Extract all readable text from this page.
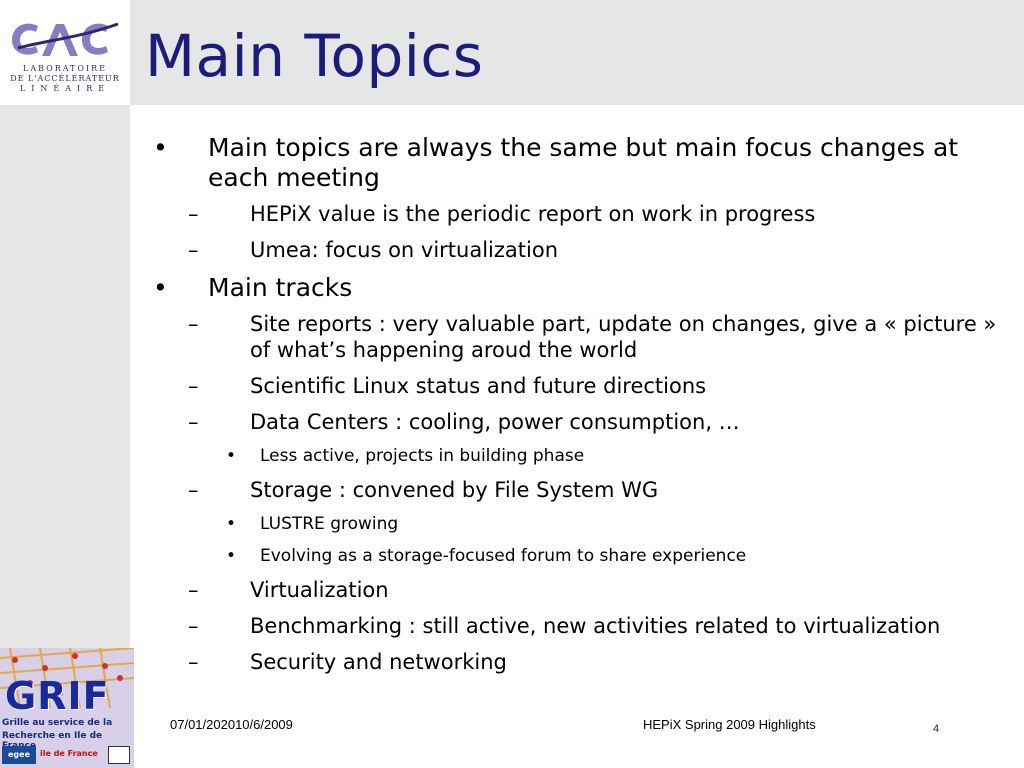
LABORATOIRE
DE L'ACCÉLÉRATEUR
LINÉAIRE Main Topics
• Main topics are always the same but main focus changes at each meeting
– HEPiX value is the periodic report on work in progress
– Umea: focus on virtualization
• Main tracks
– Site reports : very valuable part, update on changes, give a « picture » of what’s happening aroud the world
– Scientific Linux status and future directions
– Data Centers : cooling, power consumption, …
• Less active, projects in building phase
– Storage : convened by File System WG
• LUSTRE growing
• Evolving as a storage-focused forum to share experience
– Virtualization
– Benchmarking : still active, new activities related to virtualization
– Security and networking
GRIF
Grille au service de la
Recherche en Ile de
egee	ile de France
07/01/202010/6/2009	HEPiX Spring 2009 Highlights	4
